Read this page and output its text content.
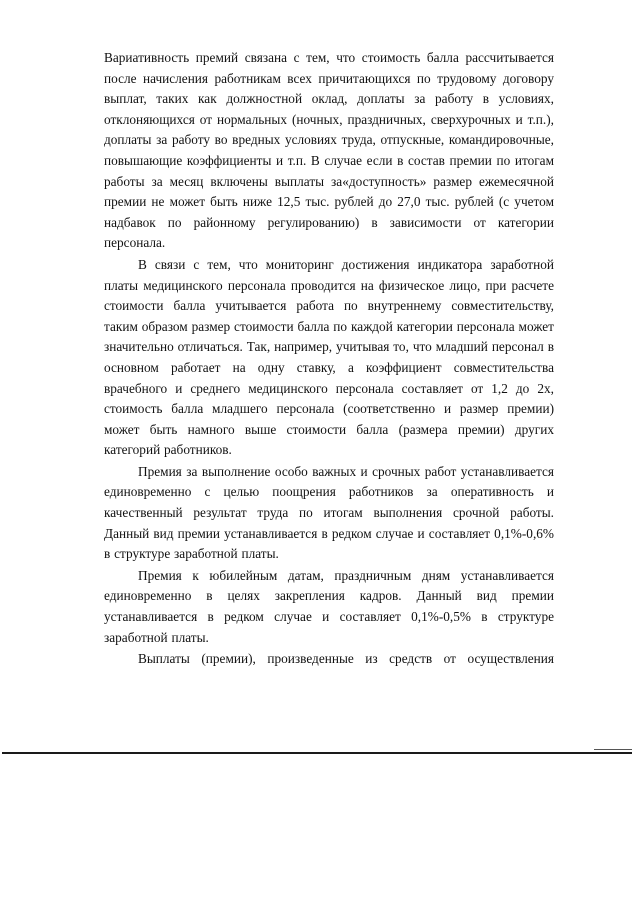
Вариативность премий связана с тем, что стоимость балла рассчитывается после начисления работникам всех причитающихся по трудовому договору выплат, таких как должностной оклад, доплаты за работу в условиях, отклоняющихся от нормальных (ночных, праздничных, сверхурочных и т.п.), доплаты за работу во вредных условиях труда, отпускные, командировочные, повышающие коэффициенты и т.п. В случае если в состав премии по итогам работы за месяц включены выплаты за«доступность» размер ежемесячной премии не может быть ниже 12,5 тыс. рублей до 27,0 тыс. рублей (с учетом надбавок по районному регулированию) в зависимости от категории персонала.

В связи с тем, что мониторинг достижения индикатора заработной платы медицинского персонала проводится на физическое лицо, при расчете стоимости балла учитывается работа по внутреннему совместительству, таким образом размер стоимости балла по каждой категории персонала может значительно отличаться. Так, например, учитывая то, что младший персонал в основном работает на одну ставку, а коэффициент совместительства врачебного и среднего медицинского персонала составляет от 1,2 до 2х, стоимость балла младшего персонала (соответственно и размер премии) может быть намного выше стоимости балла (размера премии) других категорий работников.

Премия за выполнение особо важных и срочных работ устанавливается единовременно с целью поощрения работников за оперативность и качественный результат труда по итогам выполнения срочной работы. Данный вид премии устанавливается в редком случае и составляет 0,1%-0,6% в структуре заработной платы.

Премия к юбилейным датам, праздничным дням устанавливается единовременно в целях закрепления кадров. Данный вид премии устанавливается в редком случае и составляет 0,1%-0,5% в структуре заработной платы.

Выплаты (премии), произведенные из средств от осуществления
